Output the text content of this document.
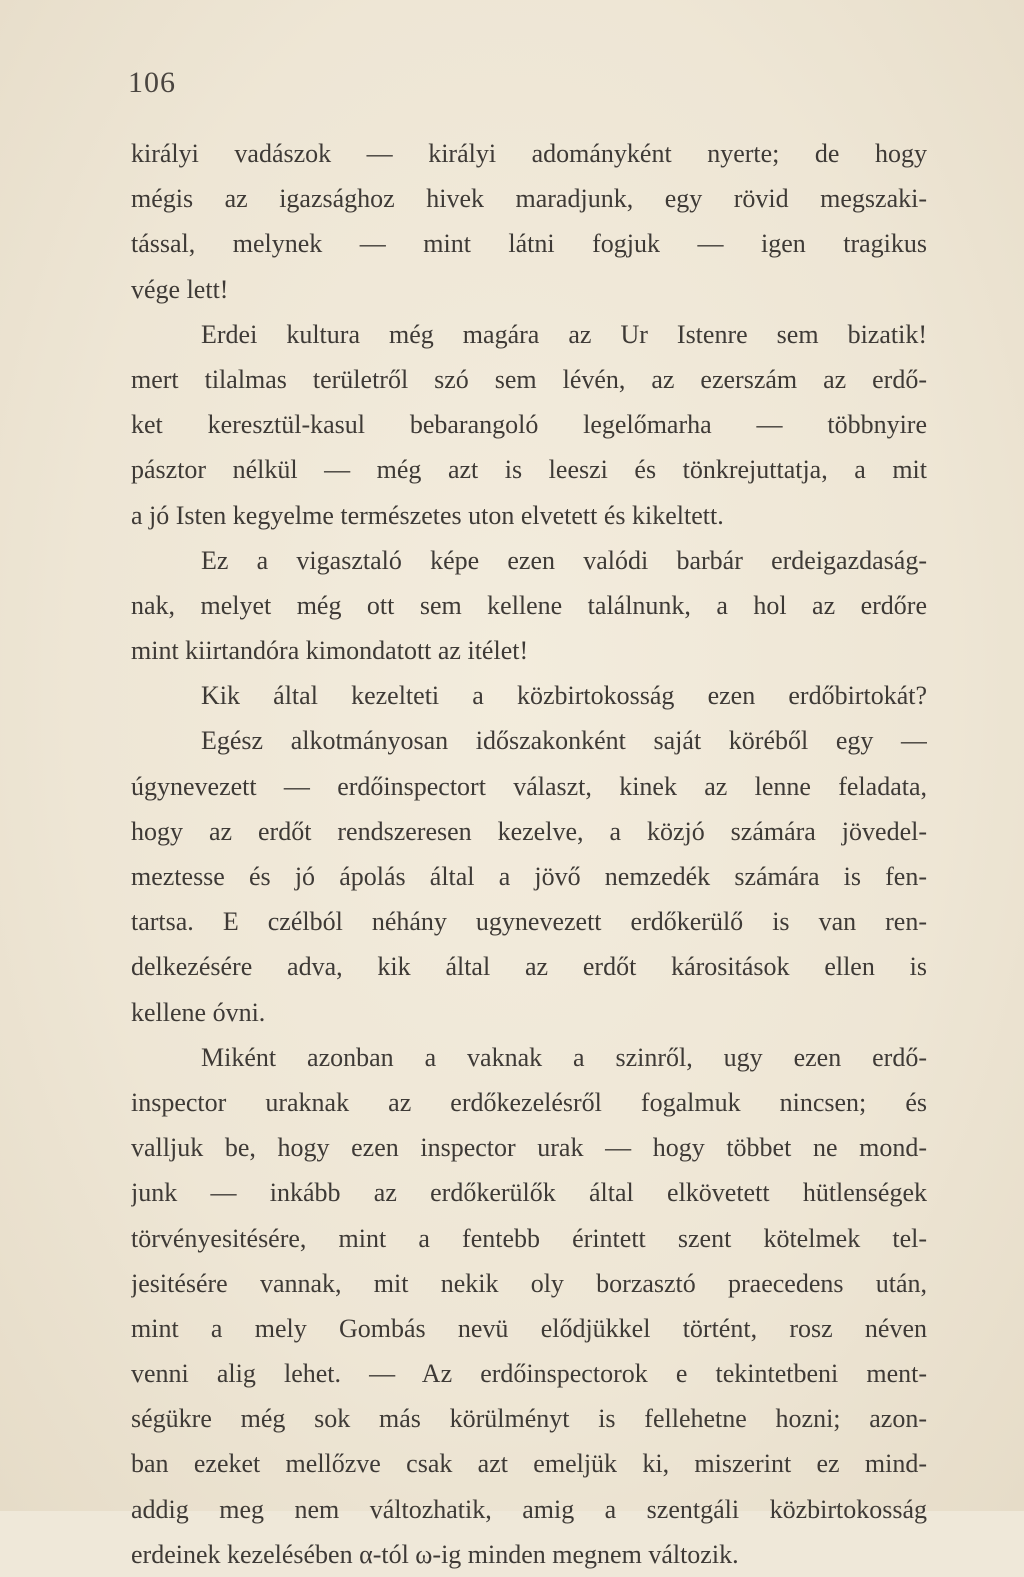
106
királyi vadászok — királyi adományként nyerte; de hogy
mégis az igazsághoz hivek maradjunk, egy rövid megszaki-
tással, melynek — mint látni fogjuk — igen tragikus
vége lett!
Erdei kultura még magára az Ur Istenre sem bizatik!
mert tilalmas területről szó sem lévén, az ezerszám az erdő-
ket keresztül-kasul bebarangoló legelőmarha — többnyire
pásztor nélkül — még azt is leeszi és tönkrejuttatja, a mit
a jó Isten kegyelme természetes uton elvetett és kikeltett.
Ez a vigasztaló képe ezen valódi barbár erdeigazdaság-
nak, melyet még ott sem kellene találnunk, a hol az erdőre
mint kiirtandóra kimondatott az itélet!
Kik által kezelteti a közbirtokosság ezen erdőbirtokát?
Egész alkotmányosan időszakonként saját köréből egy —
úgynevezett — erdőinspectort választ, kinek az lenne feladata,
hogy az erdőt rendszeresen kezelve, a közjó számára jövedel-
meztesse és jó ápolás által a jövő nemzedék számára is fen-
tartsa. E czélból néhány ugynevezett erdőkerülő is van ren-
delkezésére adva, kik által az erdőt kárositások ellen is
kellene óvni.
Miként azonban a vaknak a szinről, ugy ezen erdő-
inspector uraknak az erdőkezelésről fogalmuk nincsen; és
valljuk be, hogy ezen inspector urak — hogy többet ne mond-
junk — inkább az erdőkerülők által elkövetett hütlenségek
törvényesitésére, mint a fentebb érintett szent kötelmek tel-
jesitésére vannak, mit nekik oly borzasztó praecedens után,
mint a mely Gombás nevü elődjükkel történt, rosz néven
venni alig lehet. — Az erdőinspectorok e tekintetbeni ment-
ségükre még sok más körülményt is fellehetne hozni; azon-
ban ezeket mellőzve csak azt emeljük ki, miszerint ez mind-
addig meg nem változhatik, amig a szentgáli közbirtokosság
erdeinek kezelésében α-tól ω-ig minden megnem változik.
